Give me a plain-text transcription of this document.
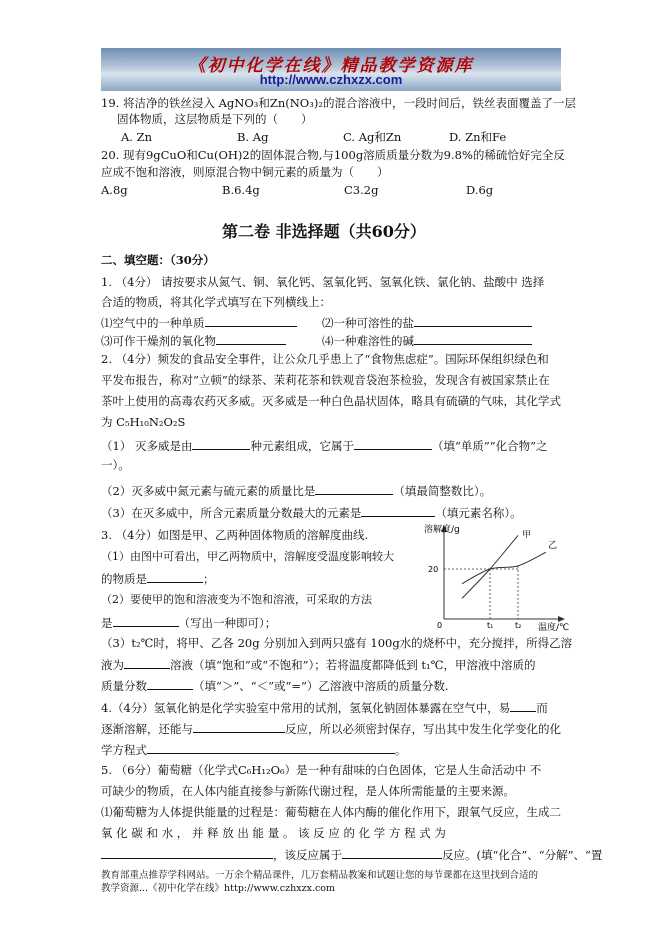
《初中化学在线》精品教学资源库
http://www.czhxzx.com
19. 将洁净的铁丝浸入 AgNO₃和Zn(NO₃)₂的混合溶液中，一段时间后，铁丝表面覆盖了一层
固体物质，这层物质是下列的（　　）
A. Zn	B. Ag	C. Ag和Zn	D. Zn和Fe
20. 现有9gCuO和Cu(OH)2的固体混合物,与100g溶质质量分数为9.8%的稀硫恰好完全反
应成不饱和溶液，则原混合物中铜元素的质量为（　　）
A.8g	B.6.4g	C3.2g	D.6g
第二卷 非选择题（共60分）
二、填空题：（30分）
1. （4分） 请按要求从氮气、铜、氧化钙、氢氧化钙、氢氧化铁、氯化钠、盐酸中 选择
合适的物质，将其化学式填写在下列横线上：
⑴空气中的一种单质	⑵一种可溶性的盐
⑶可作干燥剂的氧化物	⑷一种难溶性的碱
2. （4分）频发的食品安全事件，让公众几乎患上了“食物焦虑症”。国际环保组织绿色和
平发布报告，称对“立顿”的绿茶、茉莉花茶和铁观音袋泡茶检验，发现含有被国家禁止在
茶叶上使用的高毒农药灭多威。灭多威是一种白色晶状固体，略具有硫磺的气味，其化学式
为 C₅H₁₀N₂O₂S
（1） 灭多威是由	种元素组成，它属于	（填“单质”“化合物”之
一）。
（2）灭多威中氮元素与硫元素的质量比是	（填最简整数比）。
（3）在灭多威中，所含元素质量分数最大的元素是	（填元素名称）。
3. （4分）如图是甲、乙两种固体物质的溶解度曲线.
（1）由图中可看出，甲乙两物质中，溶解度受温度影响较大
的物质是	；
（2）要使甲的饱和溶液变为不饱和溶液，可采取的方法
是	（写出一种即可）；
溶解度/g
温度/℃
0
20
t₁	t₂
甲
乙
（3）t₂℃时，将甲、乙各 20g 分别加入到两只盛有 100g水的烧杯中，充分搅拌，所得乙溶
液为	溶液（填“饱和”或“不饱和”）；若将温度都降低到 t₁℃，甲溶液中溶质的
质量分数	（填“＞”、“＜”或“=”）乙溶液中溶质的质量分数.
4.（4分）氢氧化钠是化学实验室中常用的试剂，氢氧化钠固体暴露在空气中，易 而
逐渐溶解，还能与	反应，所以必须密封保存，写出其中发生化学变化的化
学方程式	。
5. （6分）葡萄糖（化学式C₆H₁₂O₆）是一种有甜味的白色固体，它是人生命活动中 不
可缺少的物质，在人体内能直接参与新陈代谢过程，是人体所需能量的主要来源。
⑴葡萄糖为人体提供能量的过程是：葡萄糖在人体内酶的催化作用下，跟氧气反应，生成二
氧 化 碳 和 水 ， 并 释 放 出 能 量 。 该 反 应 的 化 学 方 程 式 为
，该反应属于	反应。(填“化合”、“分解”、“置
教育部重点推荐学科网站。一万余个精品课件，几万套精品教案和试题让您的每节课都在这里找到合适的
教学资源...《初中化学在线》http://www.czhxzx.com
